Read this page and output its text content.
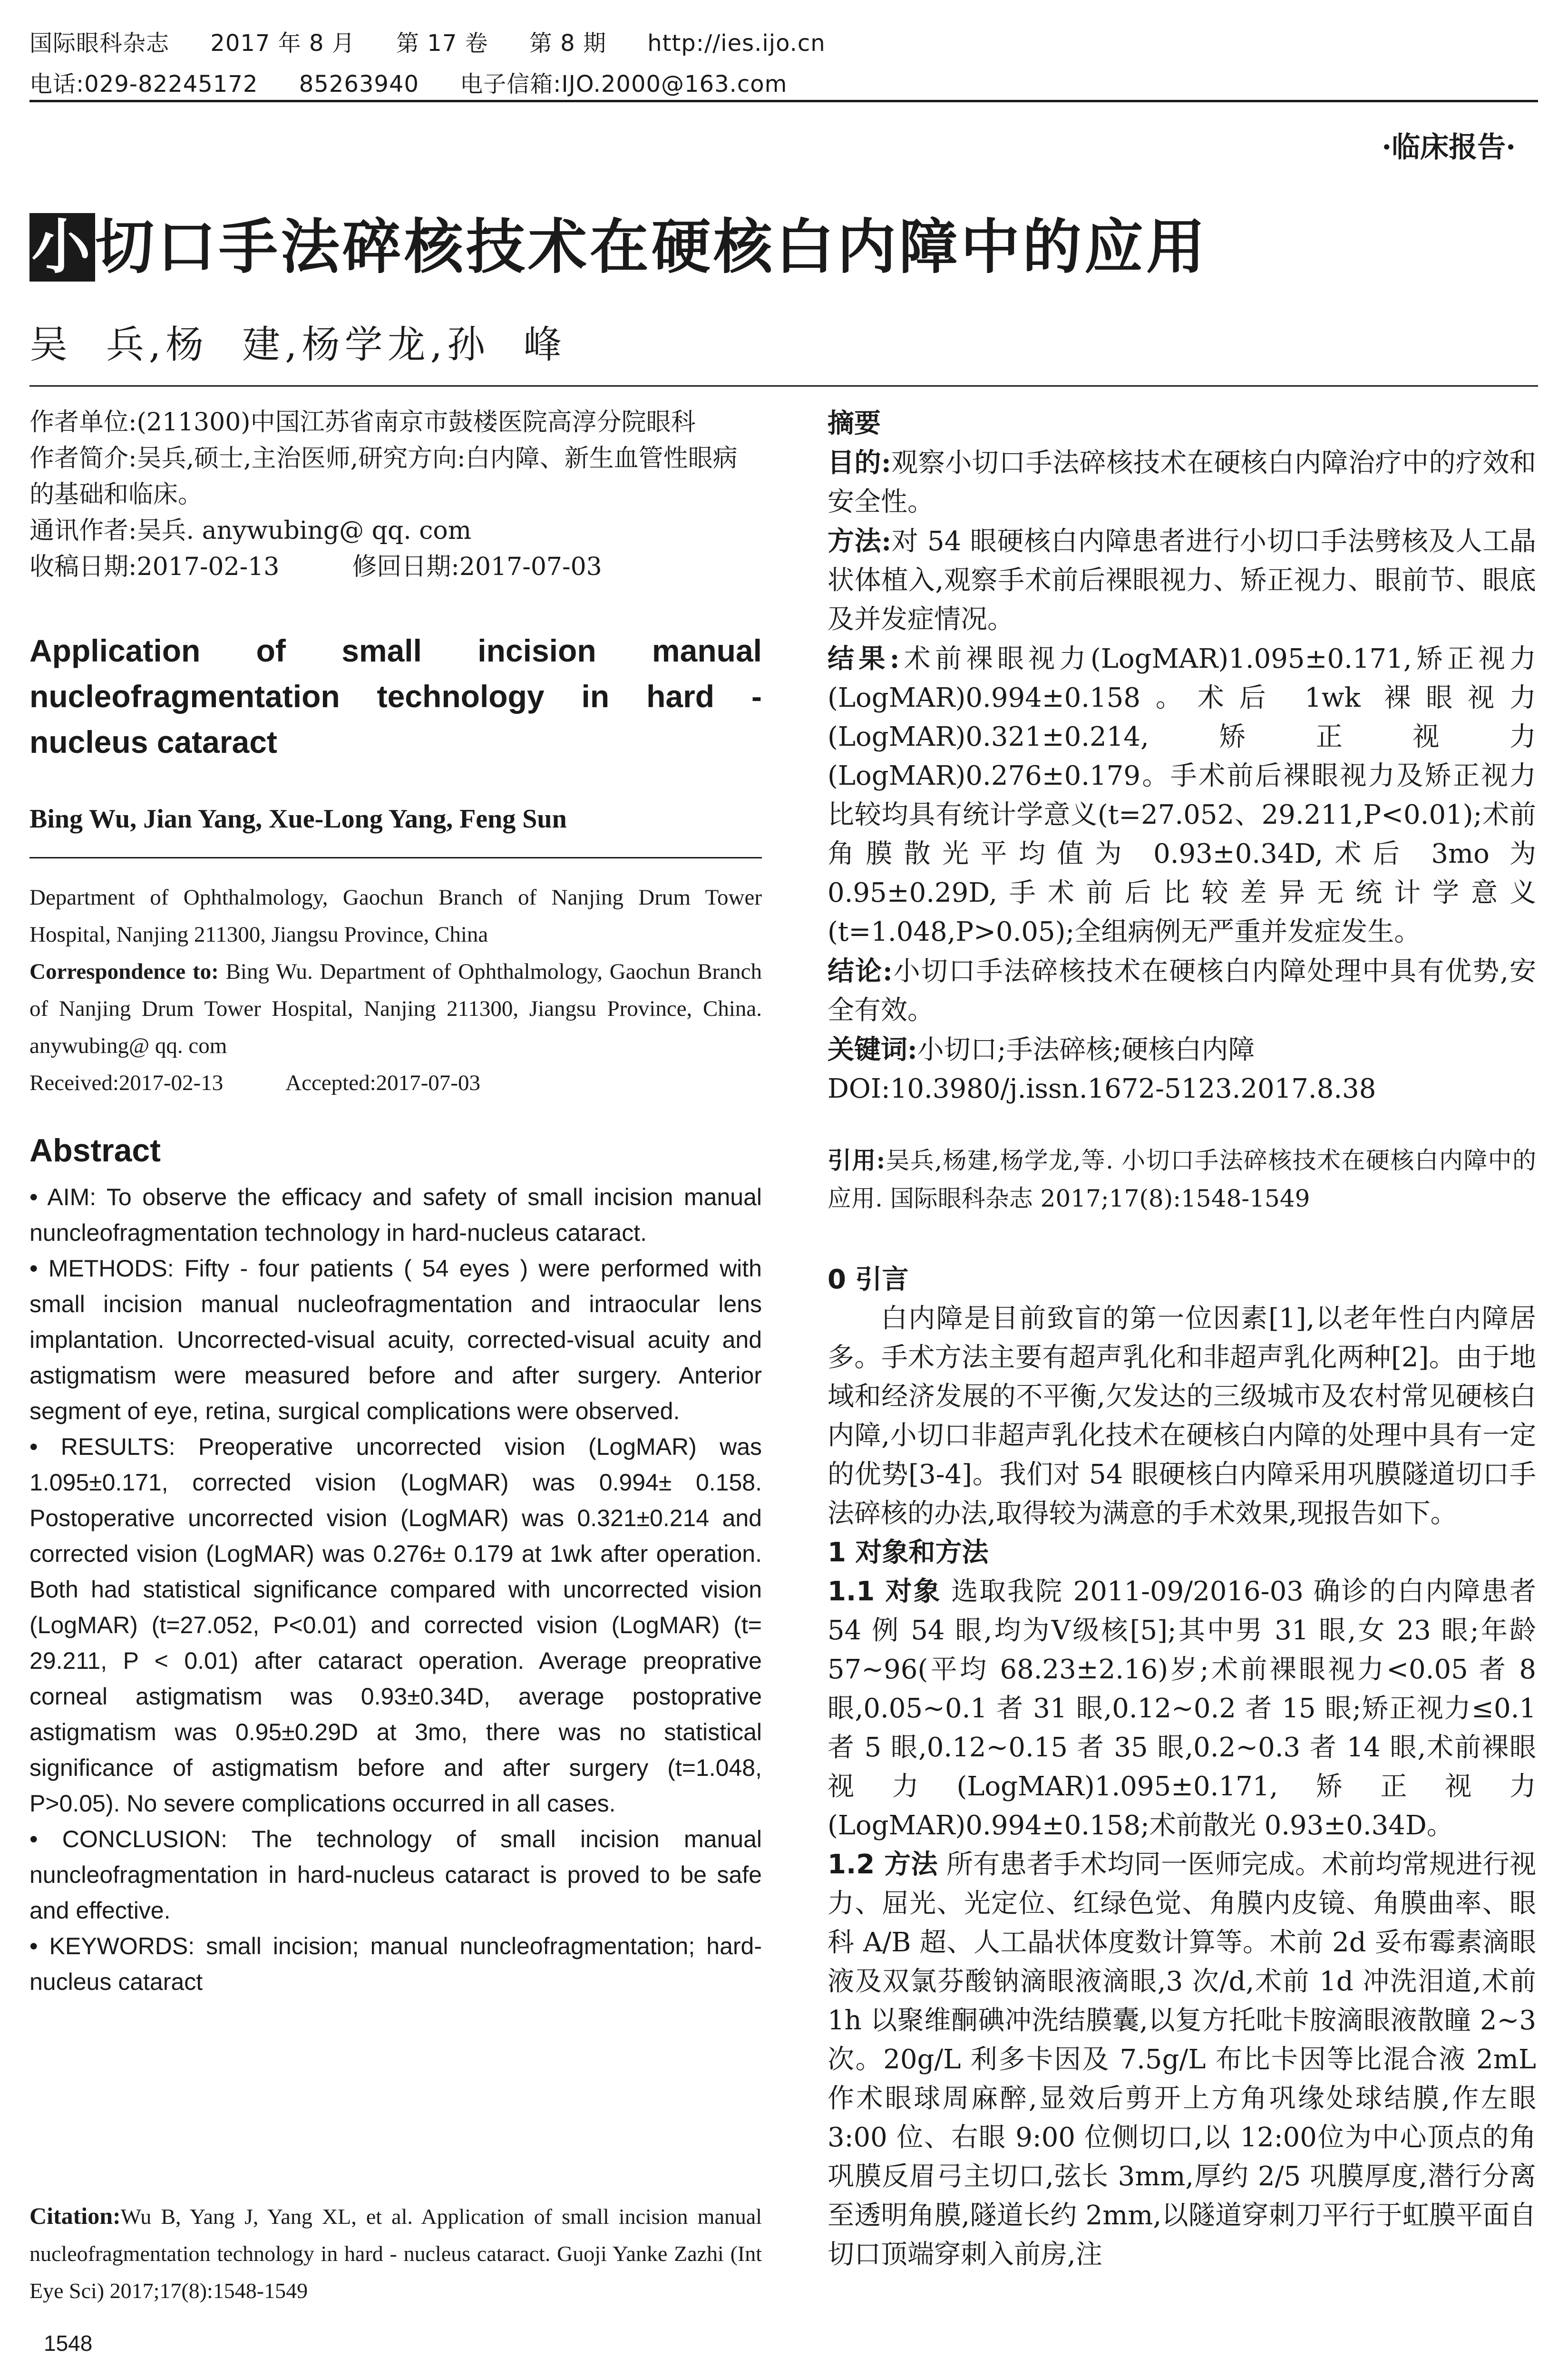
国际眼科杂志 2017 年 8 月 第 17 卷 第 8 期 http://ies.ijo.cn
电话:029-82245172 85263940 电子信箱:IJO.2000@163.com
·临床报告·
小切口手法碎核技术在硬核白内障中的应用
吴  兵,杨  建,杨学龙,孙  峰
作者单位:(211300)中国江苏省南京市鼓楼医院高淳分院眼科
作者简介:吴兵,硕士,主治医师,研究方向:白内障、新生血管性眼病的基础和临床。
通讯作者:吴兵. anywubing@ qq. com
收稿日期:2017-02-13	修回日期:2017-07-03
Application of small incision manual nucleofragmentation technology in hard - nucleus cataract
Bing Wu, Jian Yang, Xue-Long Yang, Feng Sun
Department of Ophthalmology, Gaochun Branch of Nanjing Drum Tower Hospital, Nanjing 211300, Jiangsu Province, China
Correspondence to: Bing Wu. Department of Ophthalmology, Gaochun Branch of Nanjing Drum Tower Hospital, Nanjing 211300, Jiangsu Province, China. anywubing@ qq. com
Received:2017-02-13	Accepted:2017-07-03
Abstract

• AIM: To observe the efficacy and safety of small incision manual nuncleofragmentation technology in hard-nucleus cataract.

• METHODS: Fifty - four patients ( 54 eyes ) were performed with small incision manual nucleofragmentation and intraocular lens implantation. Uncorrected-visual acuity, corrected-visual acuity and astigmatism were measured before and after surgery. Anterior segment of eye, retina, surgical complications were observed.

• RESULTS: Preoperative uncorrected vision (LogMAR) was 1.095±0.171, corrected vision (LogMAR) was 0.994± 0.158. Postoperative uncorrected vision (LogMAR) was 0.321±0.214 and corrected vision (LogMAR) was 0.276± 0.179 at 1wk after operation. Both had statistical significance compared with uncorrected vision (LogMAR) (t=27.052, P<0.01) and corrected vision (LogMAR) (t= 29.211, P < 0.01) after cataract operation. Average preoprative corneal astigmatism was 0.93±0.34D, average postoprative astigmatism was 0.95±0.29D at 3mo, there was no statistical significance of astigmatism before and after surgery (t=1.048, P>0.05). No severe complications occurred in all cases.

• CONCLUSION: The technology of small incision manual nuncleofragmentation in hard-nucleus cataract is proved to be safe and effective.

• KEYWORDS: small incision; manual nuncleofragmentation; hard-nucleus cataract

Citation:Wu B, Yang J, Yang XL, et al. Application of small incision manual nucleofragmentation technology in hard - nucleus cataract. Guoji Yanke Zazhi (Int Eye Sci) 2017;17(8):1548-1549
1548

摘要

目的:观察小切口手法碎核技术在硬核白内障治疗中的疗效和安全性。

方法:对 54 眼硬核白内障患者进行小切口手法劈核及人工晶状体植入,观察手术前后裸眼视力、矫正视力、眼前节、眼底及并发症情况。

结果:术前裸眼视力(LogMAR)1.095±0.171,矫正视力(LogMAR)0.994±0.158。术后 1wk 裸眼视力(LogMAR)0.321±0.214,矫正视力(LogMAR)0.276±0.179。手术前后裸眼视力及矫正视力比较均具有统计学意义(t=27.052、29.211,P<0.01);术前角膜散光平均值为 0.93±0.34D,术后 3mo 为 0.95±0.29D,手术前后比较差异无统计学意义(t=1.048,P>0.05);全组病例无严重并发症发生。

结论:小切口手法碎核技术在硬核白内障处理中具有优势,安全有效。

关键词:小切口;手法碎核;硬核白内障

DOI:10.3980/j.issn.1672-5123.2017.8.38

引用:吴兵,杨建,杨学龙,等. 小切口手法碎核技术在硬核白内障中的应用. 国际眼科杂志 2017;17(8):1548-1549

0 引言

白内障是目前致盲的第一位因素[1],以老年性白内障居多。手术方法主要有超声乳化和非超声乳化两种[2]。由于地域和经济发展的不平衡,欠发达的三级城市及农村常见硬核白内障,小切口非超声乳化技术在硬核白内障的处理中具有一定的优势[3-4]。我们对 54 眼硬核白内障采用巩膜隧道切口手法碎核的办法,取得较为满意的手术效果,现报告如下。

1 对象和方法

1.1 对象 选取我院 2011-09/2016-03 确诊的白内障患者 54 例 54 眼,均为Ⅴ级核[5];其中男 31 眼,女 23 眼;年龄 57~96(平均 68.23±2.16)岁;术前裸眼视力<0.05 者 8 眼,0.05~0.1 者 31 眼,0.12~0.2 者 15 眼;矫正视力≤0.1 者 5 眼,0.12~0.15 者 35 眼,0.2~0.3 者 14 眼,术前裸眼视力(LogMAR)1.095±0.171,矫正视力(LogMAR)0.994±0.158;术前散光 0.93±0.34D。

1.2 方法 所有患者手术均同一医师完成。术前均常规进行视力、屈光、光定位、红绿色觉、角膜内皮镜、角膜曲率、眼科 A/B 超、人工晶状体度数计算等。术前 2d 妥布霉素滴眼液及双氯芬酸钠滴眼液滴眼,3 次/d,术前 1d 冲洗泪道,术前 1h 以聚维酮碘冲洗结膜囊,以复方托吡卡胺滴眼液散瞳 2~3 次。20g/L 利多卡因及 7.5g/L 布比卡因等比混合液 2mL 作术眼球周麻醉,显效后剪开上方角巩缘处球结膜,作左眼 3:00 位、右眼 9:00 位侧切口,以 12:00位为中心顶点的角巩膜反眉弓主切口,弦长 3mm,厚约 2/5 巩膜厚度,潜行分离至透明角膜,隧道长约 2mm,以隧道穿刺刀平行于虹膜平面自切口顶端穿刺入前房,注
